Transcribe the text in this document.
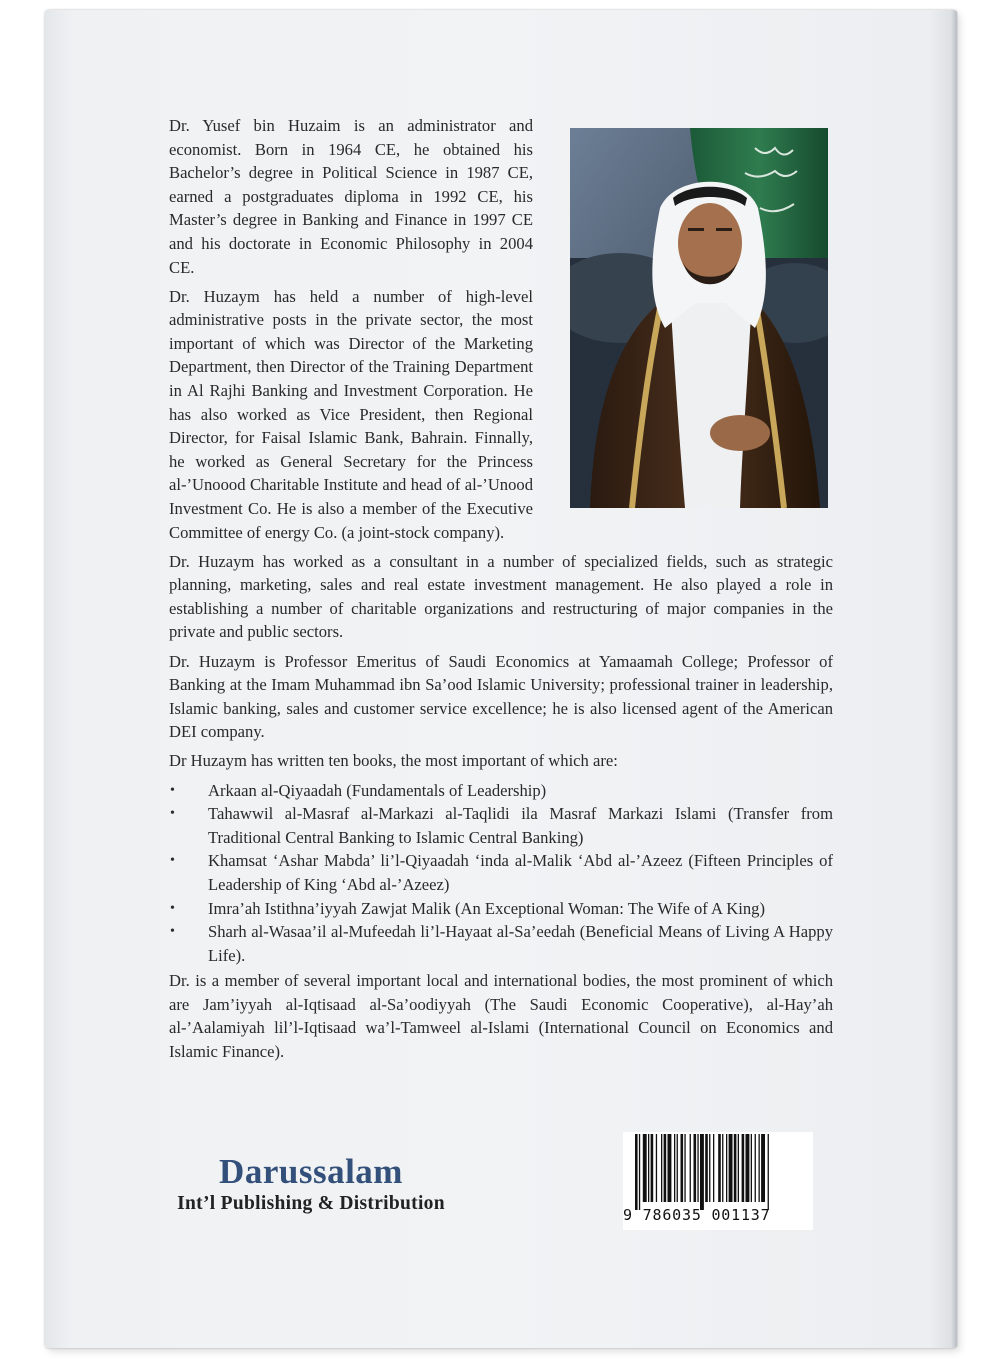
Dr. Yusef bin Huzaim is an administrator and economist. Born in 1964 CE, he obtained his Bachelor’s degree in Political Science in 1987 CE, earned a postgraduates diploma in 1992 CE, his Master’s degree in Banking and Finance in 1997 CE and his doctorate in Economic Philosophy in 2004 CE.

Dr. Huzaym has held a number of high-level administrative posts in the private sector, the most important of which was Director of the Marketing Department, then Director of the Training Department in Al Rajhi Banking and Investment Corporation. He has also worked as Vice President, then Regional Director, for Faisal Islamic Bank, Bahrain. Finnally, he worked as General Secretary for the Princess al-’Unoood Charitable Institute and head of al-’Unood Investment Co. He is also a member of the Executive Committee of energy Co. (a joint-stock company).

Dr. Huzaym has worked as a consultant in a number of specialized fields, such as strategic planning, marketing, sales and real estate investment management. He also played a role in establishing a number of charitable organizations and restructuring of major companies in the private and public sectors.

Dr. Huzaym is Professor Emeritus of Saudi Economics at Yamaamah College; Professor of Banking at the Imam Muhammad ibn Sa’ood Islamic University; professional trainer in leadership, Islamic banking, sales and customer service excellence; he is also licensed agent of the American DEI company.

Dr Huzaym has written ten books, the most important of which are:

• Arkaan al-Qiyaadah (Fundamentals of Leadership)
• Tahawwil al-Masraf al-Markazi al-Taqlidi ila Masraf Markazi Islami (Transfer from Traditional Central Banking to Islamic Central Banking)
• Khamsat ‘Ashar Mabda’ li’l-Qiyaadah ‘inda al-Malik ‘Abd al-’Azeez (Fifteen Principles of Leadership of King ‘Abd al-’Azeez)
• Imra’ah Istithna’iyyah Zawjat Malik (An Exceptional Woman: The Wife of A King)
• Sharh al-Wasaa’il al-Mufeedah li’l-Hayaat al-Sa’eedah (Beneficial Means of Living A Happy Life).

Dr. is a member of several important local and international bodies, the most prominent of which are Jam’iyyah al-Iqtisaad al-Sa’oodiyyah (The Saudi Economic Cooperative), al-Hay’ah al-’Aalamiyah lil’l-Iqtisaad wa’l-Tamweel al-Islami (International Council on Economics and Islamic Finance).

Darussalam
Int’l Publishing & Distribution
9 786035 001137
